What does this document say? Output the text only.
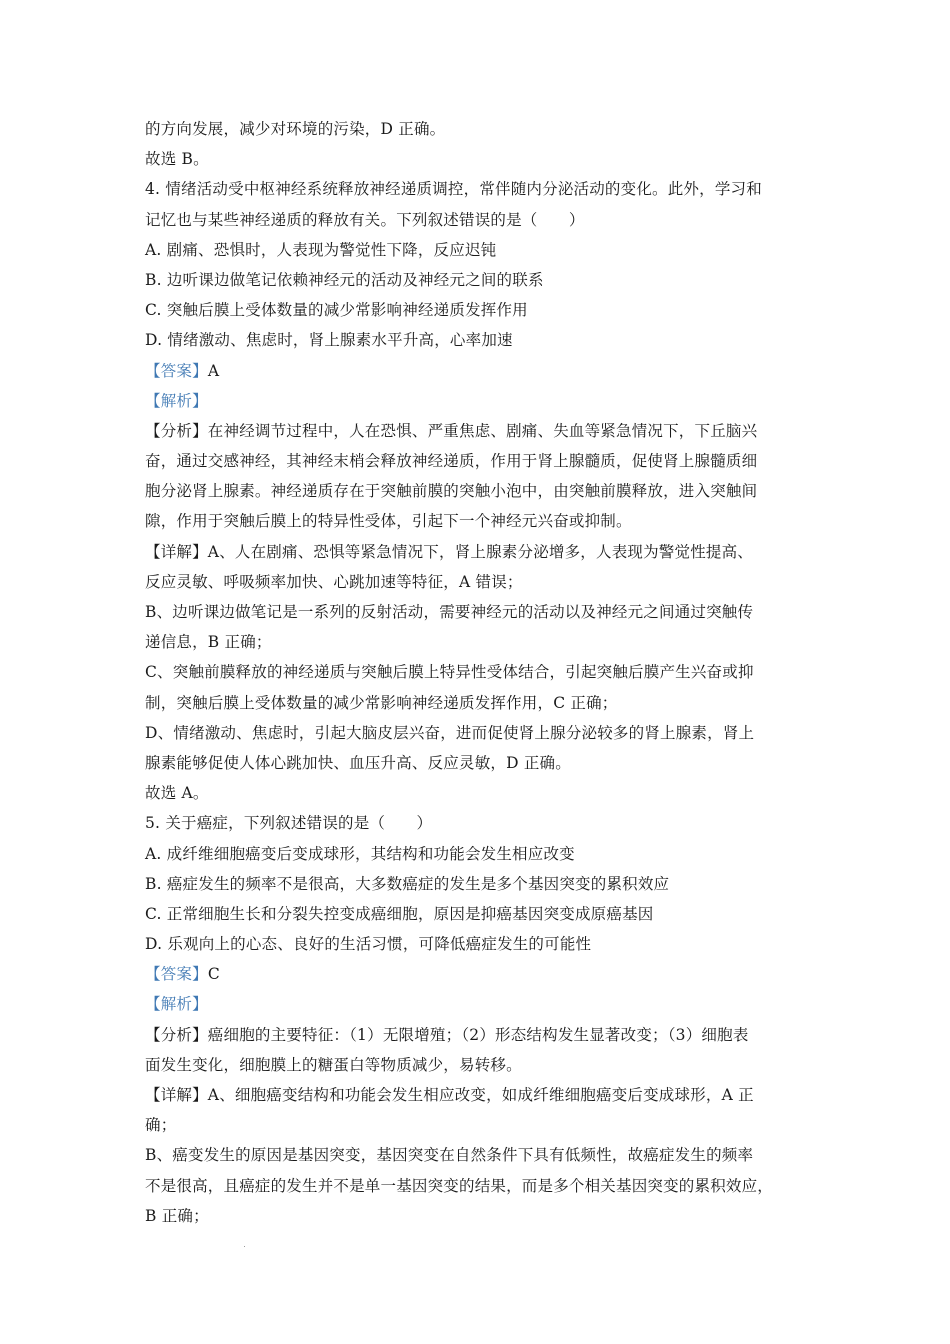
的方向发展，减少对环境的污染，D 正确。
故选 B。
4. 情绪活动受中枢神经系统释放神经递质调控，常伴随内分泌活动的变化。此外，学习和
记忆也与某些神经递质的释放有关。下列叙述错误的是（　　）
A. 剧痛、恐惧时，人表现为警觉性下降，反应迟钝
B. 边听课边做笔记依赖神经元的活动及神经元之间的联系
C. 突触后膜上受体数量的减少常影响神经递质发挥作用
D. 情绪激动、焦虑时，肾上腺素水平升高，心率加速
【答案】A
【解析】
【分析】在神经调节过程中，人在恐惧、严重焦虑、剧痛、失血等紧急情况下，下丘脑兴
奋，通过交感神经，其神经末梢会释放神经递质，作用于肾上腺髓质，促使肾上腺髓质细
胞分泌肾上腺素。神经递质存在于突触前膜的突触小泡中，由突触前膜释放，进入突触间
隙，作用于突触后膜上的特异性受体，引起下一个神经元兴奋或抑制。
【详解】A、人在剧痛、恐惧等紧急情况下，肾上腺素分泌增多，人表现为警觉性提高、
反应灵敏、呼吸频率加快、心跳加速等特征，A 错误；
B、边听课边做笔记是一系列的反射活动，需要神经元的活动以及神经元之间通过突触传
递信息，B 正确；
C、突触前膜释放的神经递质与突触后膜上特异性受体结合，引起突触后膜产生兴奋或抑
制，突触后膜上受体数量的减少常影响神经递质发挥作用，C 正确；
D、情绪激动、焦虑时，引起大脑皮层兴奋，进而促使肾上腺分泌较多的肾上腺素，肾上
腺素能够促使人体心跳加快、血压升高、反应灵敏，D 正确。
故选 A。
5. 关于癌症，下列叙述错误的是（　　）
A. 成纤维细胞癌变后变成球形，其结构和功能会发生相应改变
B. 癌症发生的频率不是很高，大多数癌症的发生是多个基因突变的累积效应
C. 正常细胞生长和分裂失控变成癌细胞，原因是抑癌基因突变成原癌基因
D. 乐观向上的心态、良好的生活习惯，可降低癌症发生的可能性
【答案】C
【解析】
【分析】癌细胞的主要特征：（1）无限增殖；（2）形态结构发生显著改变；（3）细胞表
面发生变化，细胞膜上的糖蛋白等物质减少，易转移。
【详解】A、细胞癌变结构和功能会发生相应改变，如成纤维细胞癌变后变成球形，A 正
确；
B、癌变发生的原因是基因突变，基因突变在自然条件下具有低频性，故癌症发生的频率
不是很高，且癌症的发生并不是单一基因突变的结果，而是多个相关基因突变的累积效应，
B 正确；
